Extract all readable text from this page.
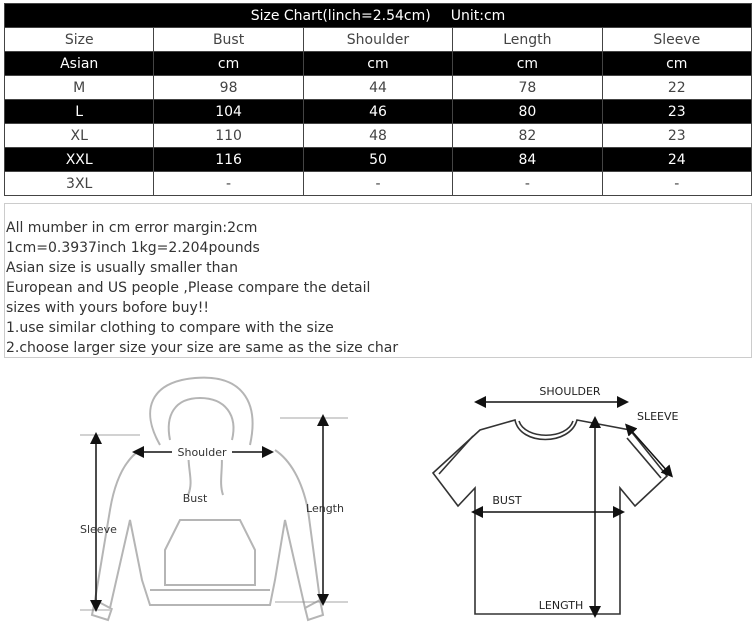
Size Chart(linch=2.54cm) Unit:cm				
Size	Bust	Shoulder	Length	Sleeve
Asian	cm	cm	cm	cm
M	98	44	78	22
L	104	46	80	23
XL	110	48	82	23
XXL	116	50	84	24
3XL	-	-	-	-
All mumber in cm error margin:2cm
1cm=0.3937inch 1kg=2.204pounds
Asian size is usually smaller than
European and US people ,Please compare the detail
sizes with yours bofore buy!!
1.use similar clothing to compare with the size
2.choose larger size your size are same as the size char
Shoulder
Bust
Sleeve
Length
SHOULDER
SLEEVE
BUST
LENGTH
